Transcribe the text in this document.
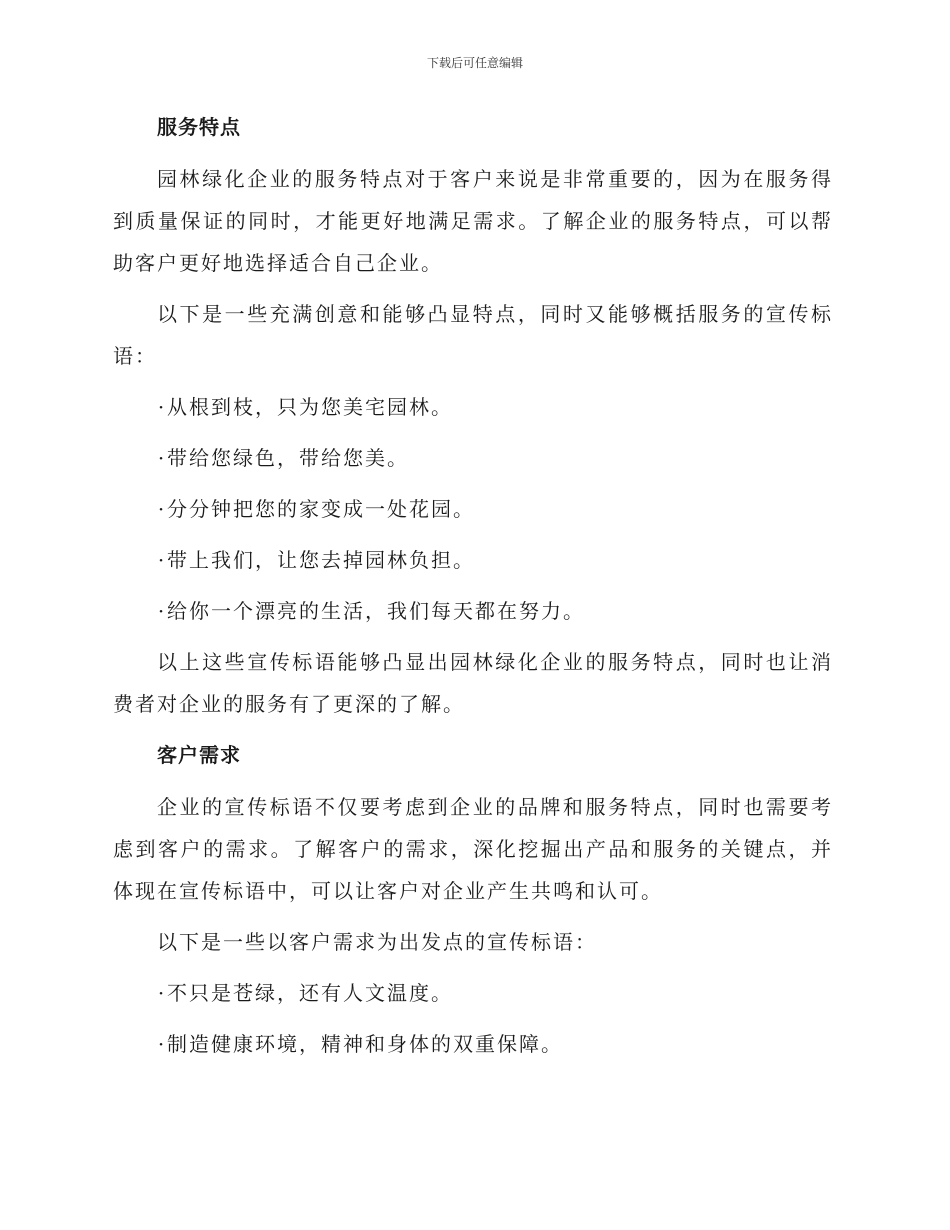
下载后可任意编辑
服务特点

园林绿化企业的服务特点对于客户来说是非常重要的，因为在服务得到质量保证的同时，才能更好地满足需求。了解企业的服务特点，可以帮助客户更好地选择适合自己企业。

以下是一些充满创意和能够凸显特点，同时又能够概括服务的宣传标语：

·从根到枝，只为您美宅园林。
·带给您绿色，带给您美。
·分分钟把您的家变成一处花园。
·带上我们，让您去掉园林负担。
·给你一个漂亮的生活，我们每天都在努力。

以上这些宣传标语能够凸显出园林绿化企业的服务特点，同时也让消费者对企业的服务有了更深的了解。

客户需求

企业的宣传标语不仅要考虑到企业的品牌和服务特点，同时也需要考虑到客户的需求。了解客户的需求，深化挖掘出产品和服务的关键点，并体现在宣传标语中，可以让客户对企业产生共鸣和认可。

以下是一些以客户需求为出发点的宣传标语：

·不只是苍绿，还有人文温度。
·制造健康环境，精神和身体的双重保障。
